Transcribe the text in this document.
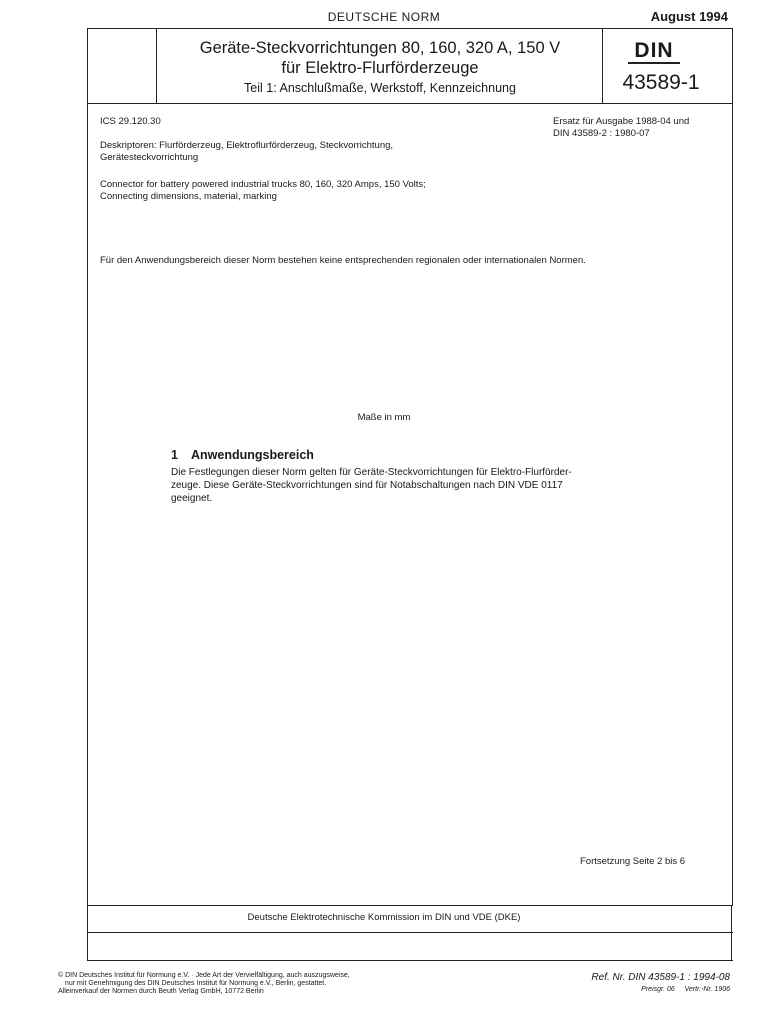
DEUTSCHE NORM	August 1994
Geräte-Steckvorrichtungen 80, 160, 320 A, 150 V
für Elektro-Flurförderzeuge
Teil 1: Anschlußmaße, Werkstoff, Kennzeichnung
DIN
43589-1
ICS 29.120.30	Ersatz für Ausgabe 1988-04 und
DIN 43589-2 : 1980-07
Deskriptoren: Flurförderzeug, Elektroflurförderzeug, Steckvorrichtung,
Gerätesteckvorrichtung
Connector for battery powered industrial trucks 80, 160, 320 Amps, 150 Volts;
Connecting dimensions, material, marking
Für den Anwendungsbereich dieser Norm bestehen keine entsprechenden regionalen oder internationalen Normen.
Maße in mm
1 Anwendungsbereich
Die Festlegungen dieser Norm gelten für Geräte-Steckvorrichtungen für Elektro-Flurförder-
zeuge. Diese Geräte-Steckvorrichtungen sind für Notabschaltungen nach DIN VDE 0117
geeignet.
Fortsetzung Seite 2 bis 6
Deutsche Elektrotechnische Kommission im DIN und VDE (DKE)
© DIN Deutsches Institut für Normung e.V. · Jede Art der Vervielfältigung, auch auszugsweise,
nur mit Genehmigung des DIN Deutsches Institut für Normung e.V., Berlin, gestattet.
Alleinverkauf der Normen durch Beuth Verlag GmbH, 10772 Berlin
Ref. Nr. DIN 43589-1 : 1994-08
Preisgr. 06     Vertr.-Nr. 1906
